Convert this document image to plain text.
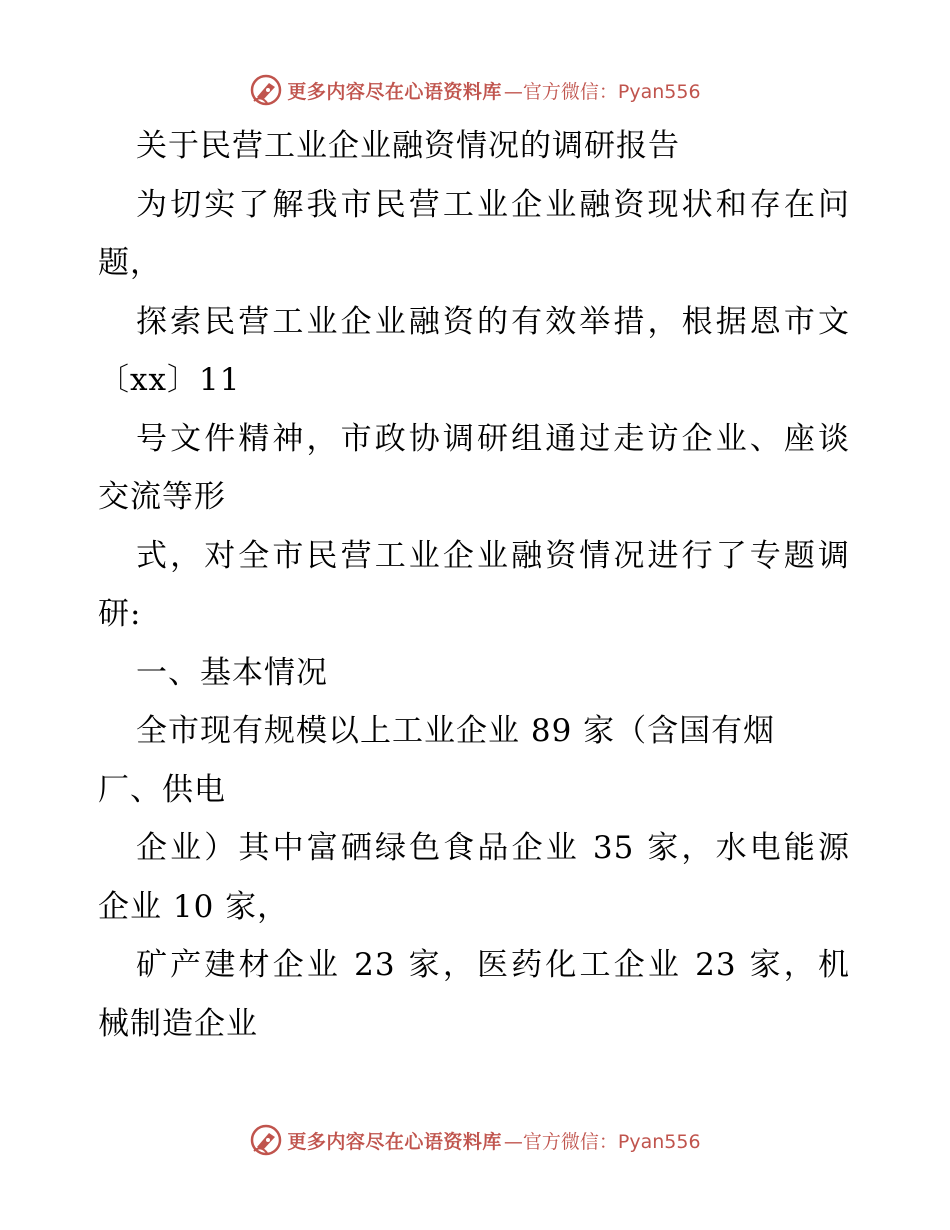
更多内容尽在心语资料库 —官方微信：Pyan556
关于民营工业企业融资情况的调研报告
为切实了解我市民营工业企业融资现状和存在问
题，
探索民营工业企业融资的有效举措，根据恩市文
〔xx〕11
号文件精神，市政协调研组通过走访企业、座谈
交流等形
式，对全市民营工业企业融资情况进行了专题调
研:
一、基本情况
全市现有规模以上工业企业 89 家（含国有烟
厂、供电
企业）其中富硒绿色食品企业 35 家，水电能源
企业 10 家，
矿产建材企业 23 家，医药化工企业 23 家，机
械制造企业
更多内容尽在心语资料库 —官方微信：Pyan556
